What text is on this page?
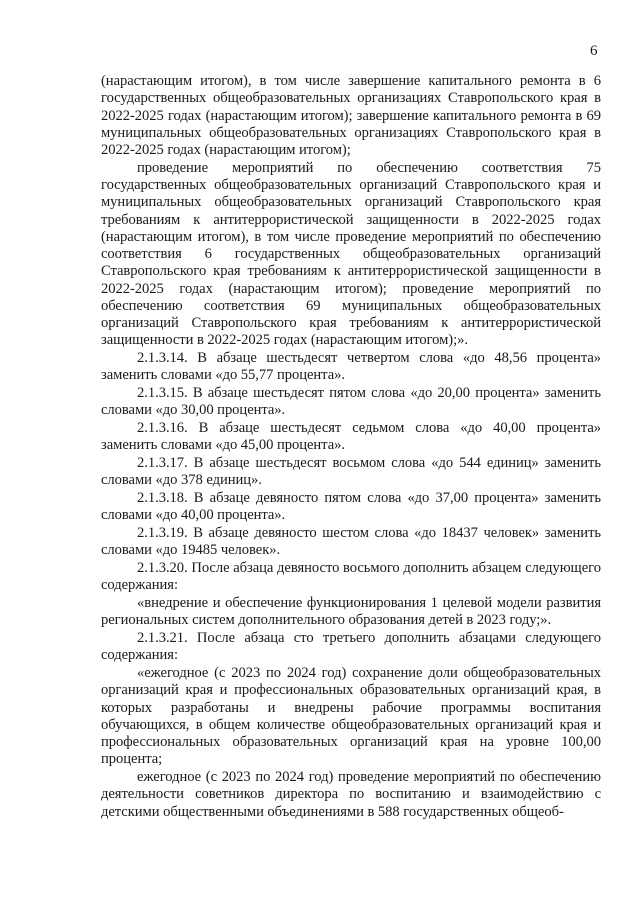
6

(нарастающим итогом), в том числе завершение капитального ремонта в 6 государственных общеобразовательных организациях Ставропольского края в 2022-2025 годах (нарастающим итогом); завершение капитального ремонта в 69 муниципальных общеобразовательных организациях Ставропольского края в 2022-2025 годах (нарастающим итогом);

проведение мероприятий по обеспечению соответствия 75 государственных общеобразовательных организаций Ставропольского края и муниципальных общеобразовательных организаций Ставропольского края требованиям к антитеррористической защищенности в 2022-2025 годах (нарастающим итогом), в том числе проведение мероприятий по обеспечению соответствия 6 государственных общеобразовательных организаций Ставропольского края требованиям к антитеррористической защищенности в 2022-2025 годах (нарастающим итогом); проведение мероприятий по обеспечению соответствия 69 муниципальных общеобразовательных организаций Ставропольского края требованиям к антитеррористической защищенности в 2022-2025 годах (нарастающим итогом);».

2.1.3.14. В абзаце шестьдесят четвертом слова «до 48,56 процента» заменить словами «до 55,77 процента».

2.1.3.15. В абзаце шестьдесят пятом слова «до 20,00 процента» заменить словами «до 30,00 процента».

2.1.3.16. В абзаце шестьдесят седьмом слова «до 40,00 процента» заменить словами «до 45,00 процента».

2.1.3.17. В абзаце шестьдесят восьмом слова «до 544 единиц» заменить словами «до 378 единиц».

2.1.3.18. В абзаце девяносто пятом слова «до 37,00 процента» заменить словами «до 40,00 процента».

2.1.3.19. В абзаце девяносто шестом слова «до 18437 человек» заменить словами «до 19485 человек».

2.1.3.20. После абзаца девяносто восьмого дополнить абзацем следующего содержания:

«внедрение и обеспечение функционирования 1 целевой модели развития региональных систем дополнительного образования детей в 2023 году;».

2.1.3.21. После абзаца сто третьего дополнить абзацами следующего содержания:

«ежегодное (с 2023 по 2024 год) сохранение доли общеобразовательных организаций края и профессиональных образовательных организаций края, в которых разработаны и внедрены рабочие программы воспитания обучающихся, в общем количестве общеобразовательных организаций края и профессиональных образовательных организаций края на уровне 100,00 процента;

ежегодное (с 2023 по 2024 год) проведение мероприятий по обеспечению деятельности советников директора по воспитанию и взаимодействию с детскими общественными объединениями в 588 государственных общеоб-
